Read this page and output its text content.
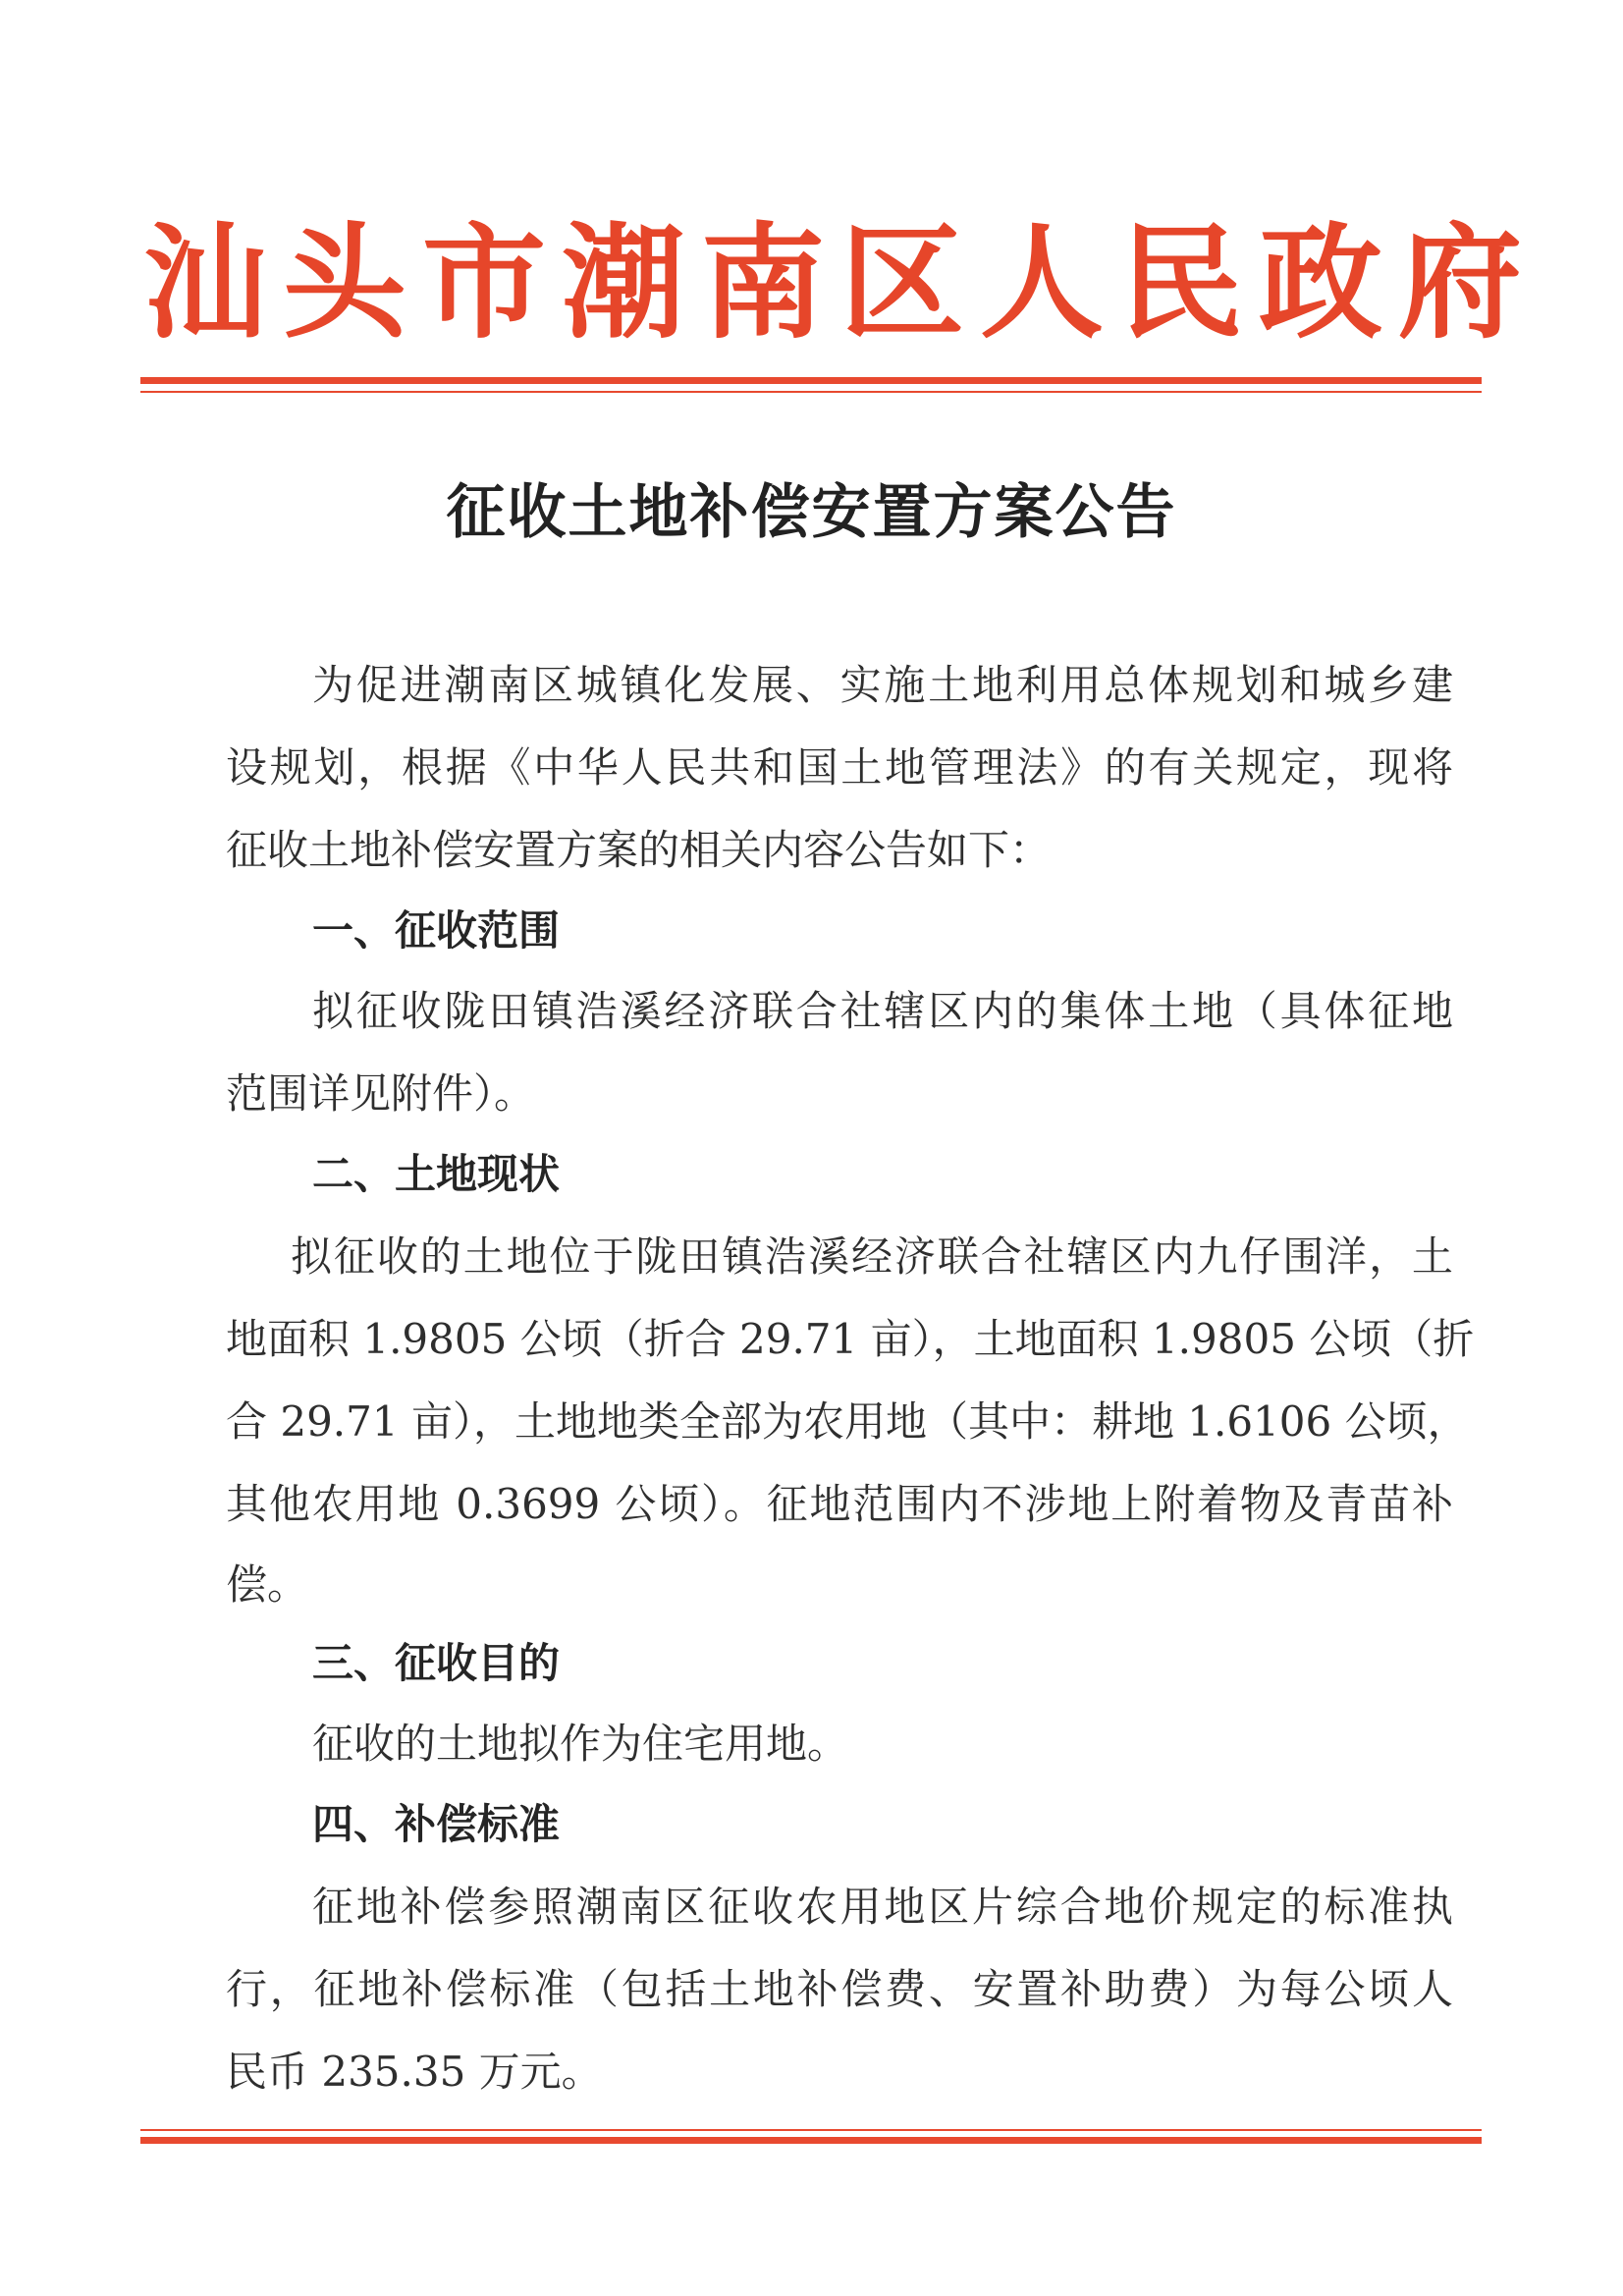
汕头市潮南区人民政府
征收土地补偿安置方案公告
为促进潮南区城镇化发展、实施土地利用总体规划和城乡建
设规划，根据《中华人民共和国土地管理法》的有关规定，现将
征收土地补偿安置方案的相关内容公告如下：
一、征收范围
拟征收陇田镇浩溪经济联合社辖区内的集体土地（具体征地
范围详见附件）。
二、土地现状
拟征收的土地位于陇田镇浩溪经济联合社辖区内九仔围洋，土
地面积 1.9805 公顷（折合 29.71 亩），土地面积 1.9805 公顷（折
合 29.71 亩），土地地类全部为农用地（其中：耕地 1.6106 公顷，
其他农用地 0.3699 公顷）。征地范围内不涉地上附着物及青苗补
偿。
三、征收目的
征收的土地拟作为住宅用地。
四、补偿标准
征地补偿参照潮南区征收农用地区片综合地价规定的标准执
行，征地补偿标准（包括土地补偿费、安置补助费）为每公顷人
民币 235.35 万元。
